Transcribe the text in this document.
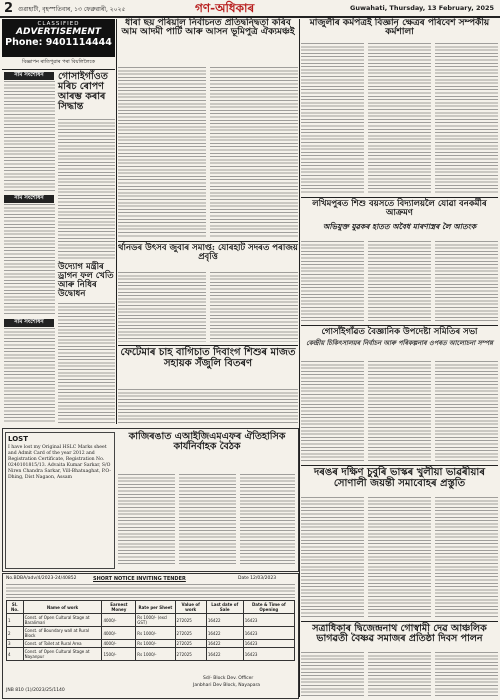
2 গুৱাহাটী, বৃহস্পতিবাৰ, ১৩ ফেব্ৰুৱাৰী, ২০২৫	গণ-অধিকাৰ	Guwahati, Thursday, 13 February, 2025
CLASSIFIED
ADVERTISEMENT
Phone: 9401114444
বিজ্ঞাপন ৰাতিপুৱাৰ পৰা বিয়লিলৈকে
নাম সংশোধন	গোসাইগাঁওত মৰিচ ৰোপণ আৰম্ভ কৰাৰ সিদ্ধান্ত
নাম সংশোধন
উদ্যোগ মন্ত্ৰীৰ ড্ৰাগন ফল খেতি আৰু নিধিৰ উদ্বোধন
নাম সংশোধন
ধাৰা ছয় পৰিয়াল নিৰ্বাচনত প্ৰতিদ্বন্দ্বিতা কৰিব আম আদমী পাৰ্টি আৰু আসন ভূমিপুত্ৰ ঐক্যমঞ্চই
ৰ্থানডৰ উৎসব জুবাৰ সমাপ্ত: যোৰহাট সদৰত পৰাজয় প্ৰবৃত্তি
ফেটেমাৰ চাহ বাগিচাত দিবাংগ শিশুৰ মাজত সহায়ক সঁজুলি বিতৰণ
কাজিৰঙাত এআইজিএমএফৰ ঐতিহাসিক কাৰ্যনিৰ্বাহক বৈঠক
LOST
I have lost my Original HSLC Marks sheet and Admit Card of the year 2012 and Registration Certificate, Registration No. 0240101815/13. Advaita Kumar Sarkar, S/O Niren Chandra Sarkar, Vill-Bhatuaghat, P.O- Dhing, Dist Nagaon, Assam
No.BDBA/adv/4/2023-24/40852	SHORT NOTICE INVITING TENDER	Date 12/03/2023
Sl. No.	Name of work	Earnest Money	Rate per Sheet	Value of work	Last date of Sale	Date & Time of Opening
1	Const. of Open Cultural Stage at Baralimari	4000/-	Rs 1000/- (excl GST)	272025	16422	16423
2	Const. of Boundary wall at Rural Block	4000/-	Rs 1000/-	272025	16422	16423
3	Const. of Toilet at Rural Area	4000/-	Rs 1000/-	272025	16422	16423
4	Const. of Open Cultural Stage at Nayanpur	1500/-	Rs 1000/-	272025	16422	16423
Sd/- Block Dev. Officer
Janbhari Dev Block, Nayapara
JNB 810 (1)/2023/25/1140
মাজুলীৰ কৰ্মপত্ৰই বিজ্ঞান ক্ষেত্ৰৰ পৰিবেশ সম্পৰ্কীয় কৰ্মশালা
লখিমপুৰত শিশু বয়সতে বিদ্যালয়লৈ যোৱা বনকৰ্মীৰ আক্ৰমণ
অভিযুক্ত যুৱকৰ হাতত অবৈধ মাৰণাস্ত্ৰৰ লৈ আতংক
গোসাঁইগাঁৱত বৈজ্ঞানিক উপদেষ্টা সমিতিৰ সভা
কেন্দ্ৰীয় চিকিৎসালয়ৰ নিৰ্বাচন আৰু পৰিকল্পনাৰ ওপৰত আলোচনা সম্পন্ন
দৰঙৰ দক্ষিণ চুবুৰি ভাস্কৰ খুলীয়া ভাৱৰীয়াৰ সোণালী জয়ন্তী সমাবোহৰ প্ৰস্তুতি
সত্ৰাধিকাৰ দ্বিজেন্দ্ৰনাথ গোস্বামী দেৱ আঞ্চলিক ভাগৱতী বৈষ্ণৱ সমাজৰ প্ৰতিষ্ঠা দিবস পালন
